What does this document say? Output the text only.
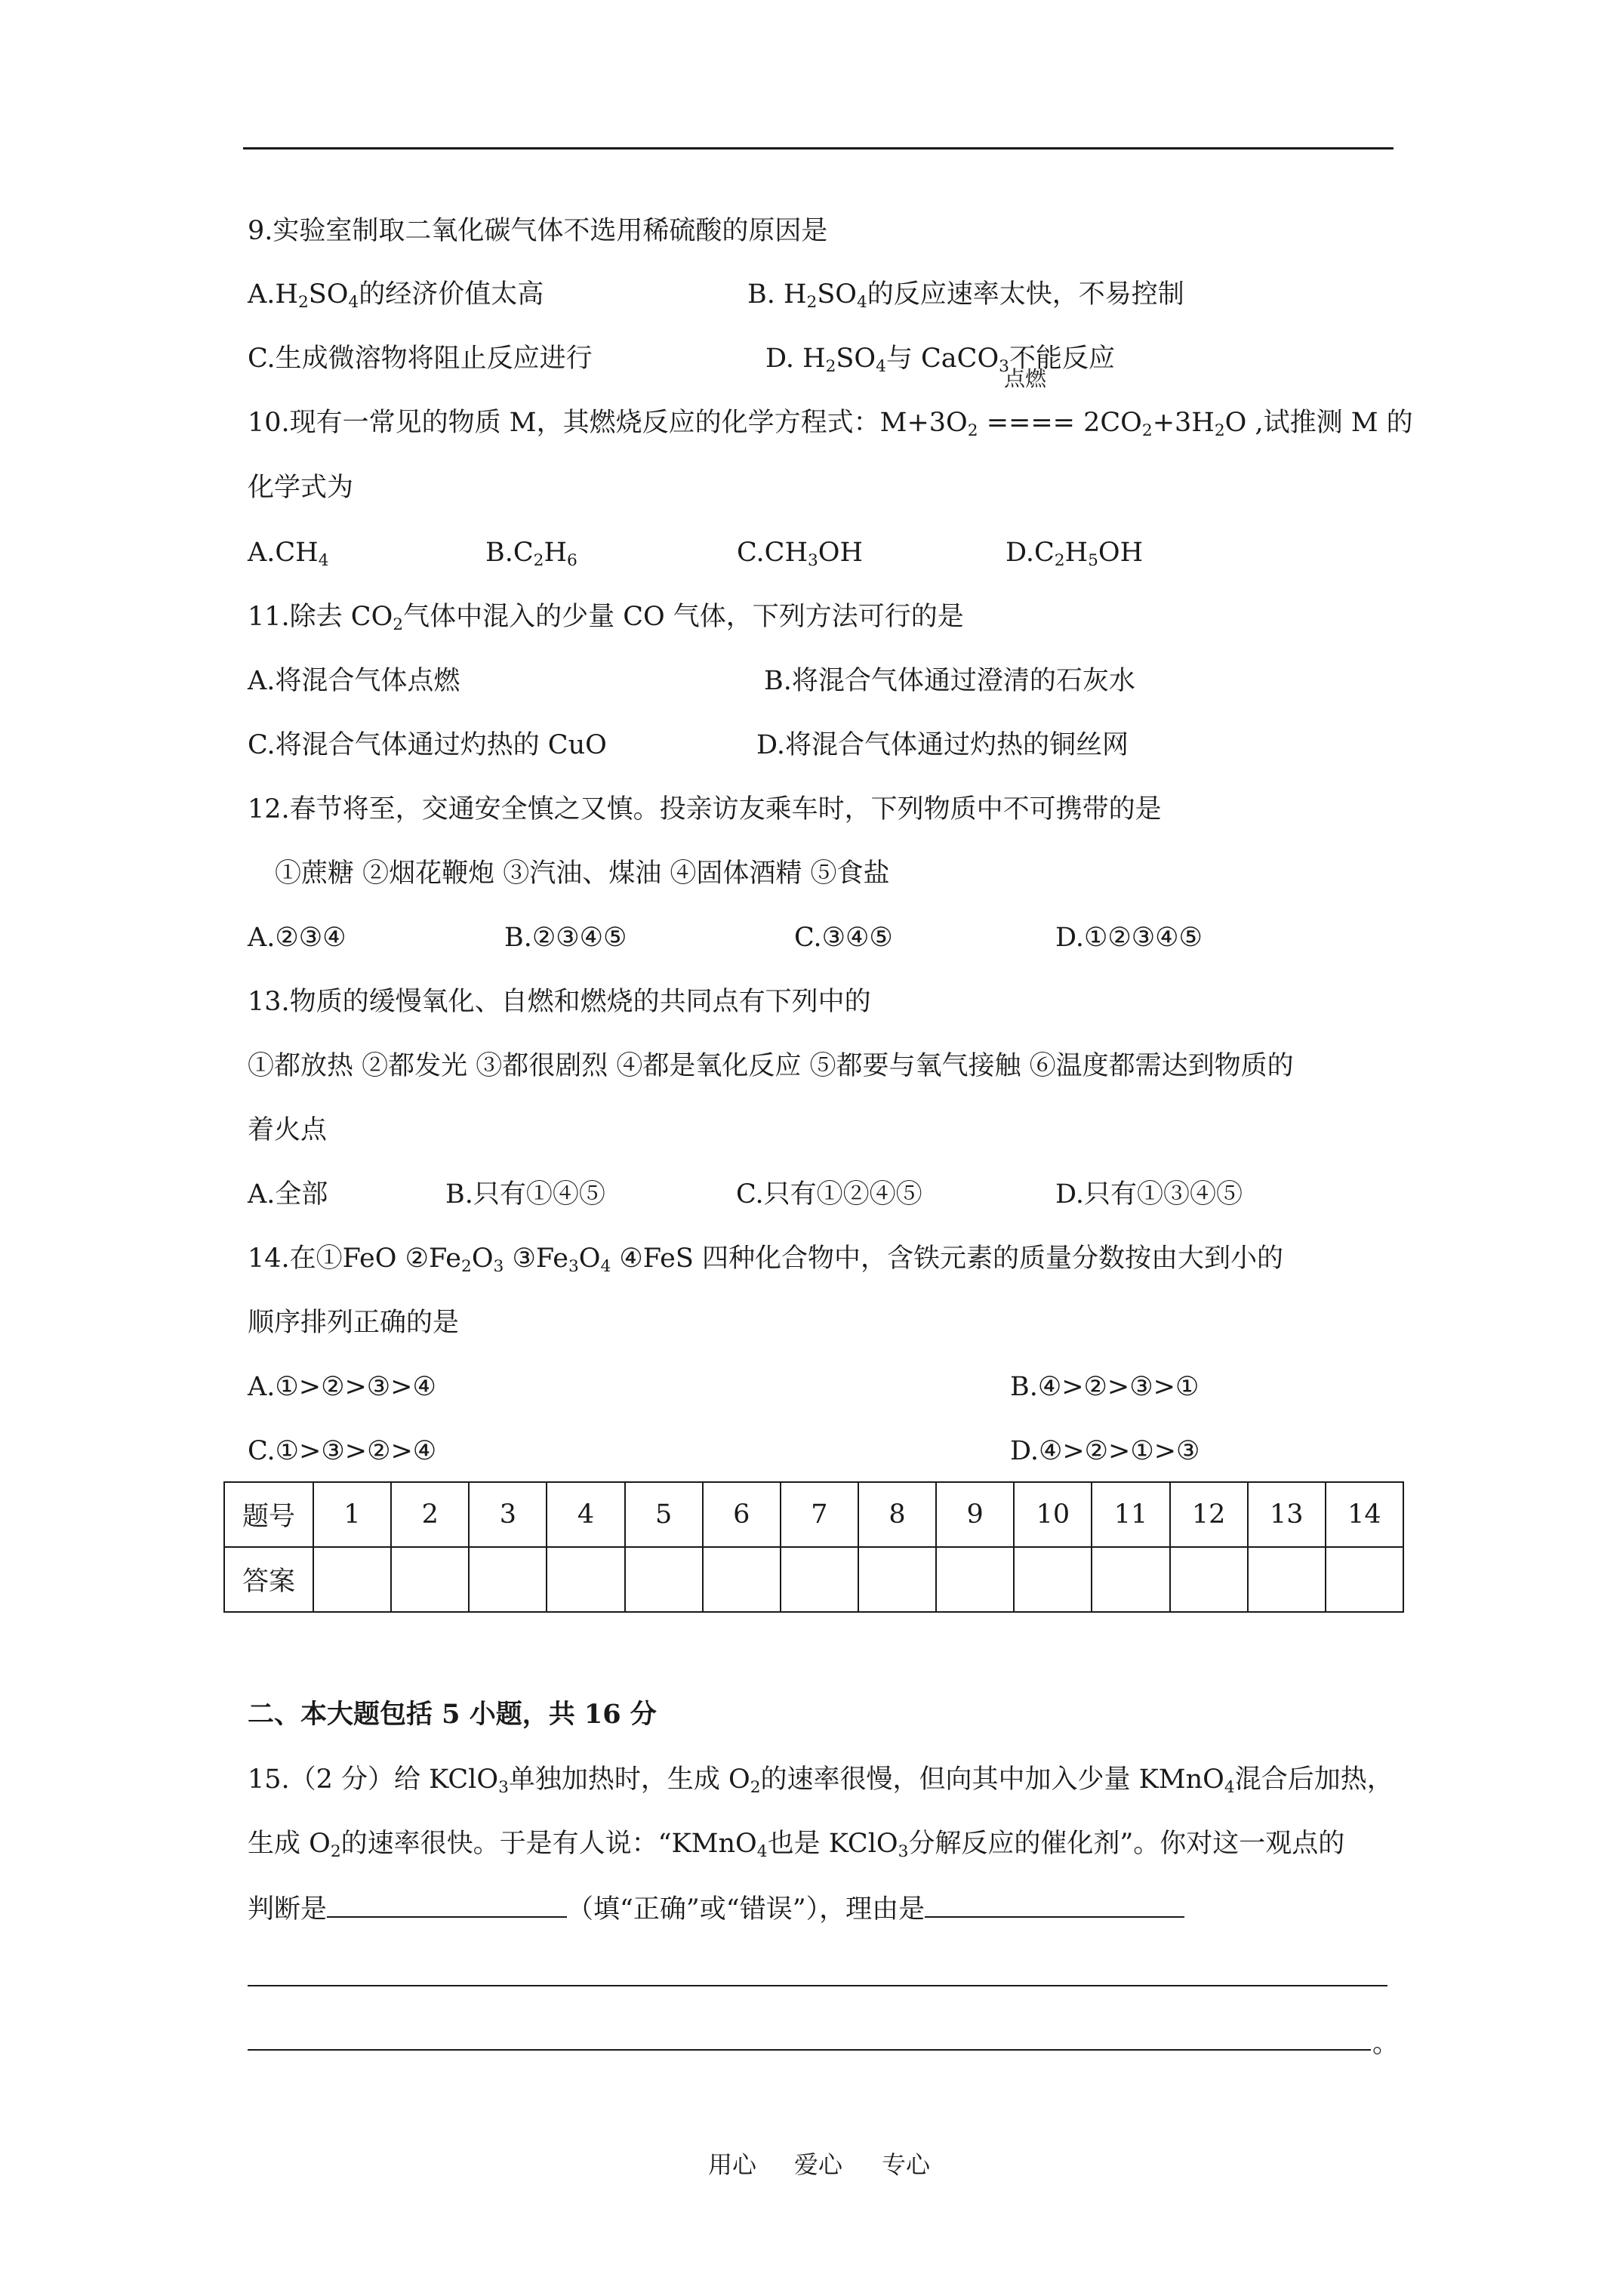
9.实验室制取二氧化碳气体不选用稀硫酸的原因是
$A.H_2SO_4$的经济价值太高	B. $H_2SO_4$的反应速率太快，不易控制
C.生成微溶物将阻止反应进行	D. $H_2SO_4$与 CaCO$_3$不能反应
点燃
10.现有一常见的物质 M，其燃烧反应的化学方程式：$M+3O_2$ ==== $2CO_2+3H_2O$ ,试推测 M 的
化学式为
$A.CH_4$	$B.C_2H_6$	$C.CH_3OH$	$D.C_2H_5OH$
11.除去 $CO_2$气体中混入的少量 CO 气体，下列方法可行的是
A.将混合气体点燃	B.将混合气体通过澄清的石灰水
C.将混合气体通过灼热的 CuO	D.将混合气体通过灼热的铜丝网
12.春节将至，交通安全慎之又慎。投亲访友乘车时，下列物质中不可携带的是
①蔗糖 ②烟花鞭炮 ③汽油、煤油 ④固体酒精 ⑤食盐
A.②③④	B.②③④⑤	C.③④⑤	D.①②③④⑤
13.物质的缓慢氧化、自燃和燃烧的共同点有下列中的
①都放热 ②都发光 ③都很剧烈 ④都是氧化反应 ⑤都要与氧气接触 ⑥温度都需达到物质的
着火点
A.全部	B.只有①④⑤	C.只有①②④⑤	D.只有①③④⑤
14.在①FeO $②Fe_2O_3$ $③Fe_3O_4$ ④FeS 四种化合物中，含铁元素的质量分数按由大到小的
顺序排列正确的是
A.①>②>③>④	B.④>②>③>①
C.①>③>②>④	D.④>②>①>③
题号	1	2	3	4	5	6	7	8	9	10	11	12	13	14
答案														
二、本大题包括 5 小题，共 16 分
15.（2 分）给 KClO$_3$单独加热时，生成 $O_2$的速率很慢，但向其中加入少量 KMnO$_4$混合后加热，
生成 $O_2$的速率很快。于是有人说：“KMnO$_4$也是 KClO$_3$分解反应的催化剂”。你对这一观点的
判断是	（填“正确”或“错误”），理由是
。
用心 爱心 专心
